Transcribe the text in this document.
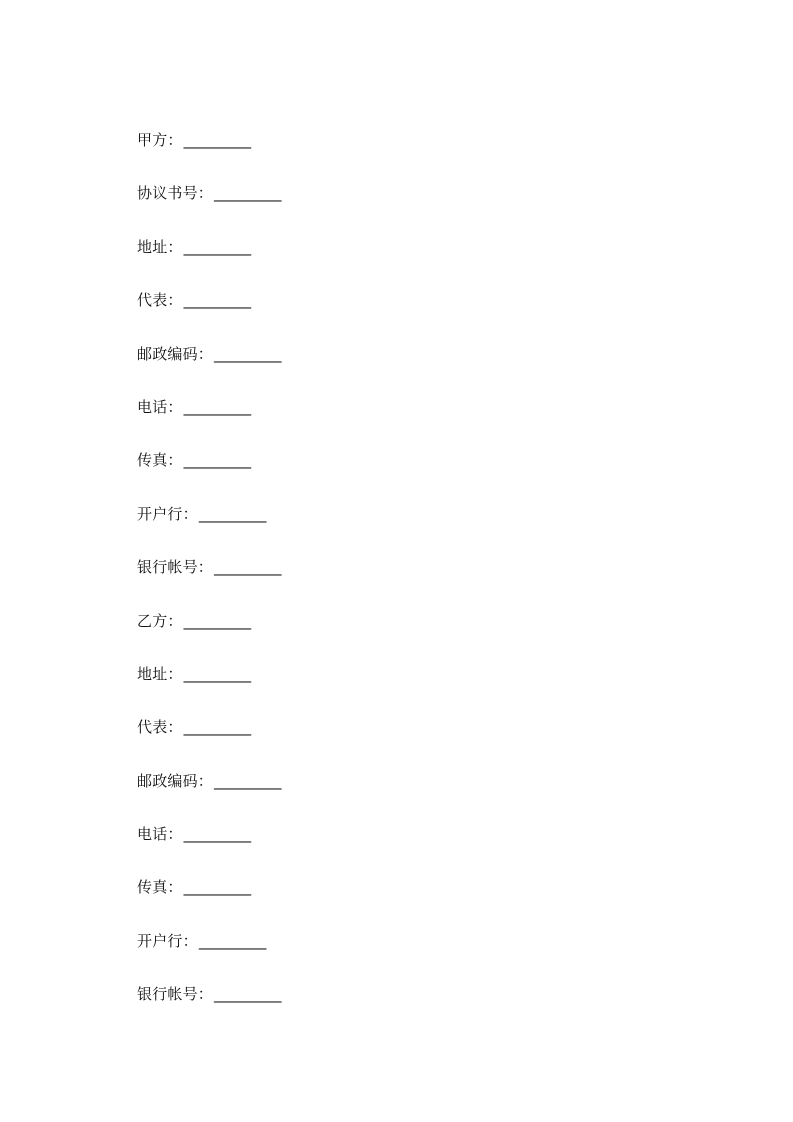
甲方： _________
协议书号： _________
地址： _________
代表： _________
邮政编码： _________
电话： _________
传真： _________
开户行： _________
银行帐号： _________
乙方： _________
地址： _________
代表： _________
邮政编码： _________
电话： _________
传真： _________
开户行： _________
银行帐号： _________
